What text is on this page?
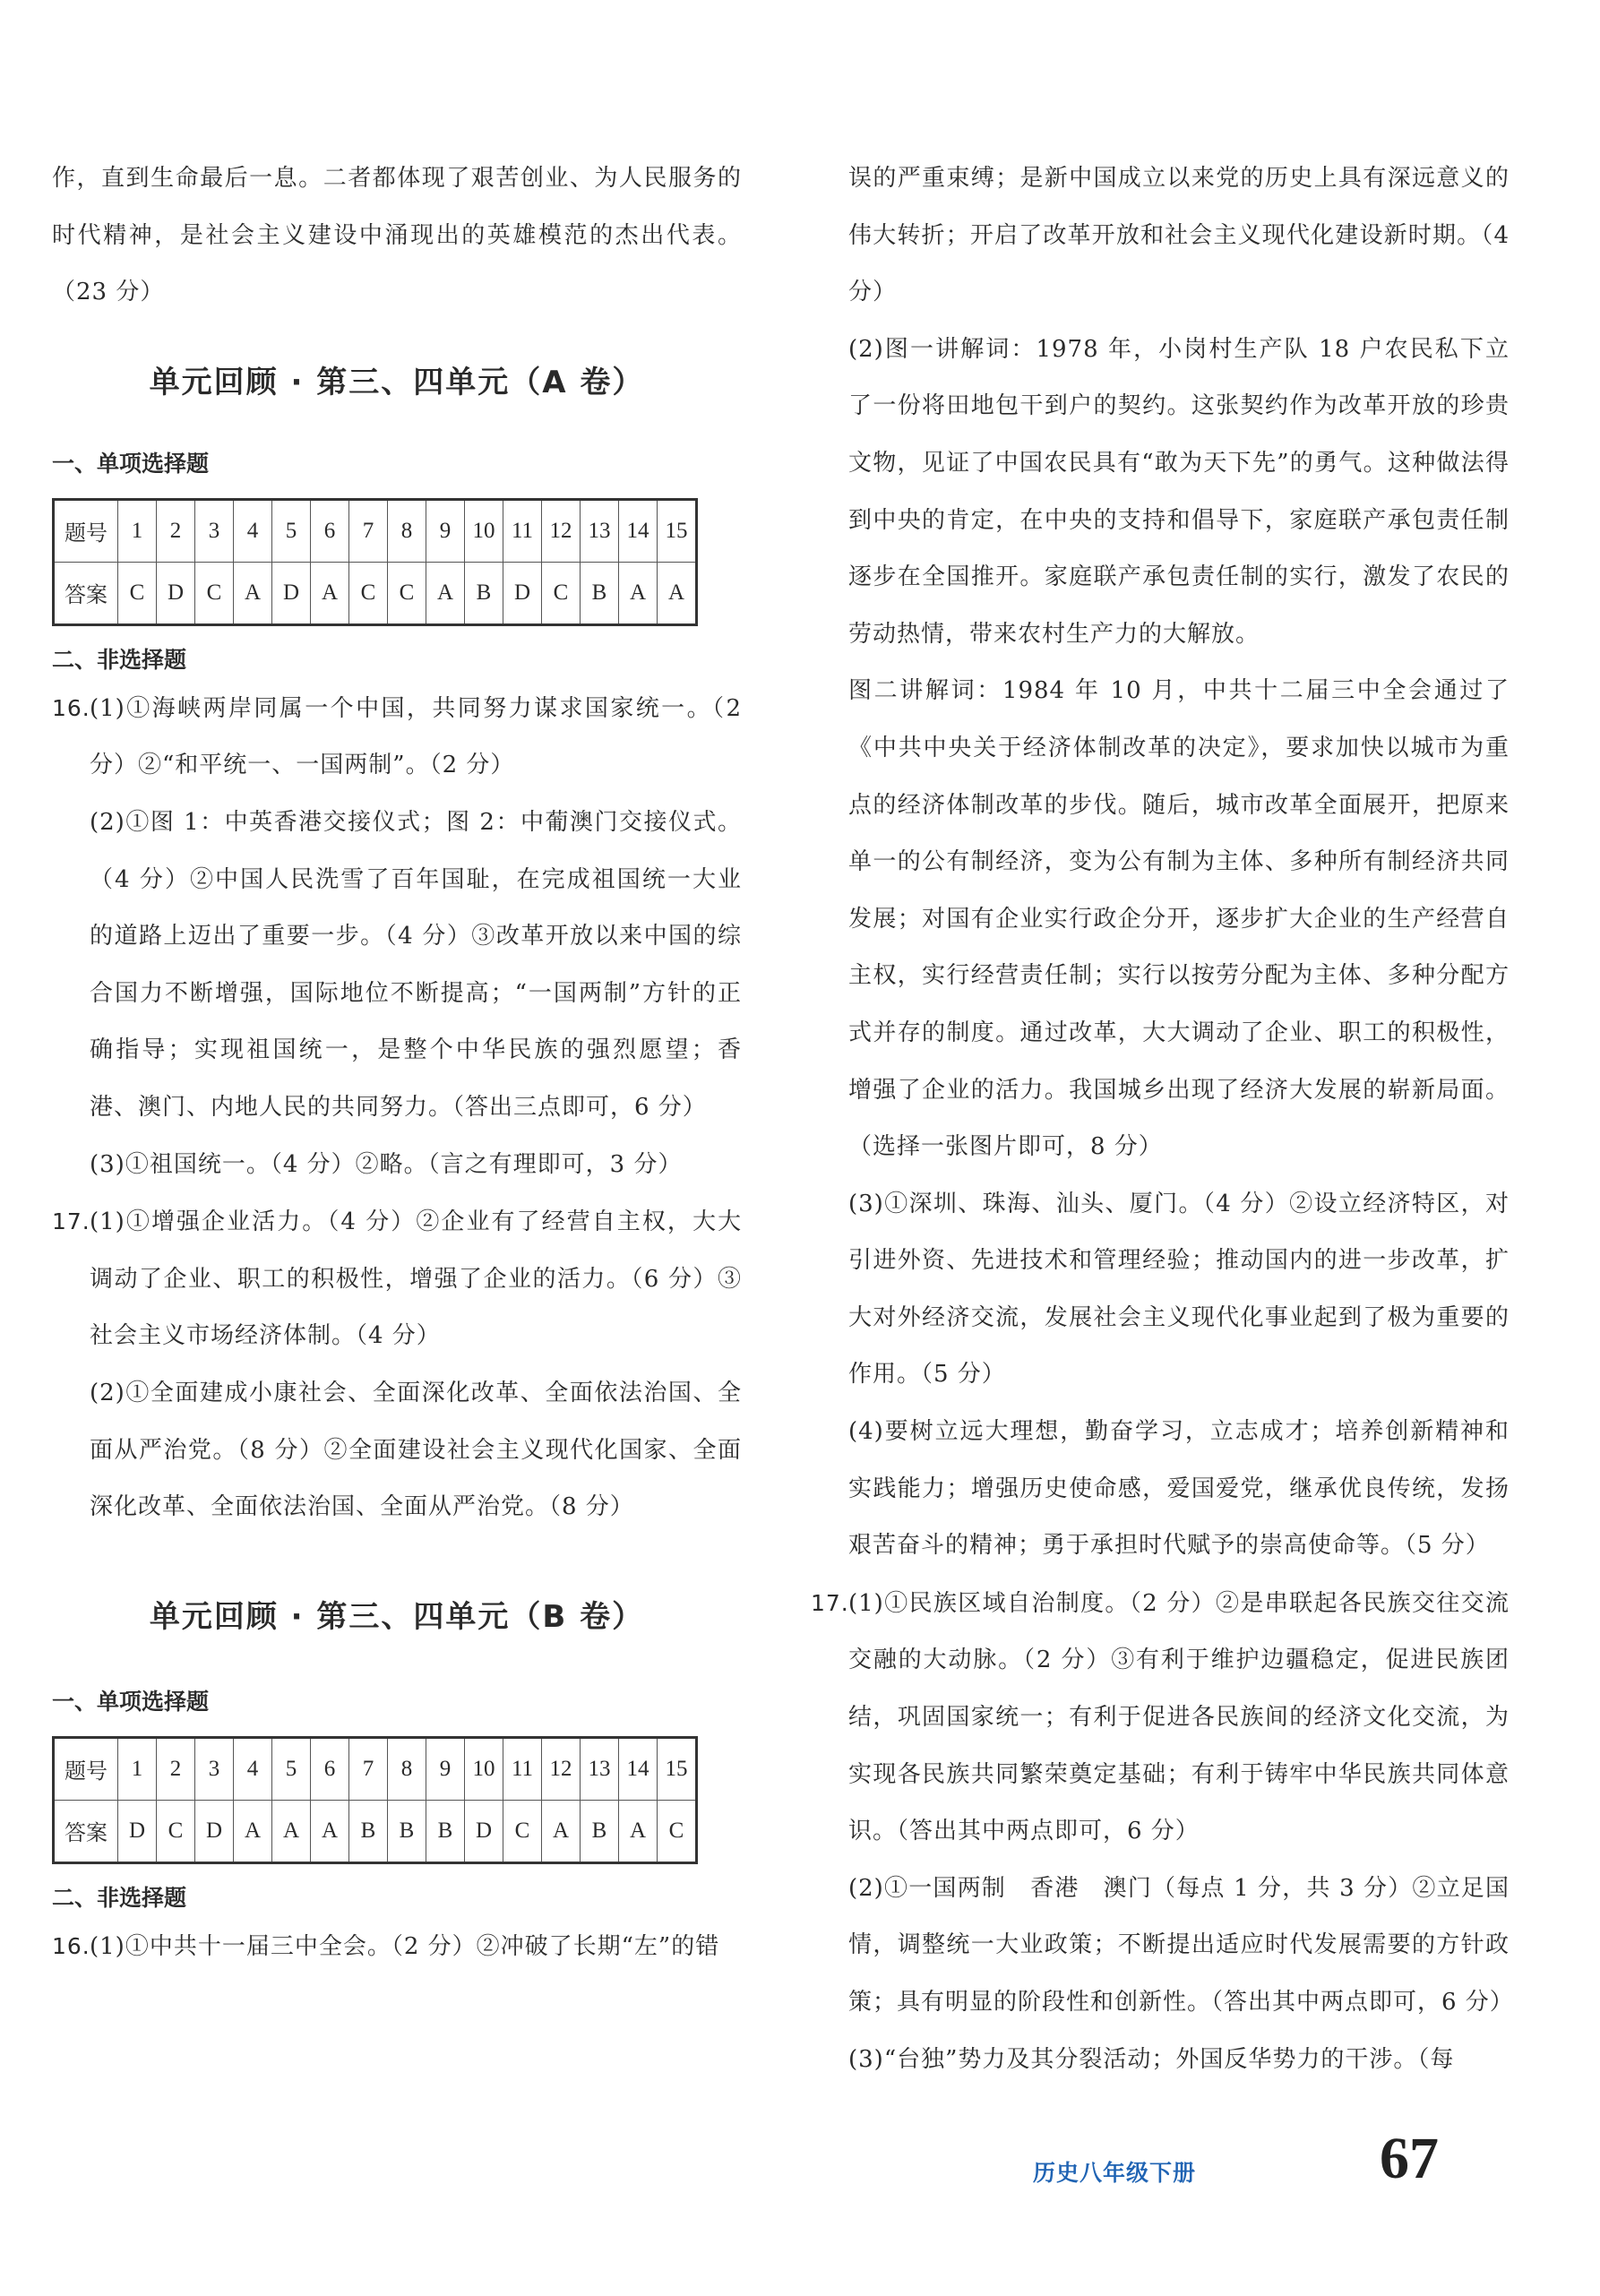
作，直到生命最后一息。二者都体现了艰苦创业、为人民服务的时代精神，是社会主义建设中涌现出的英雄模范的杰出代表。（23 分）

单元回顾 · 第三、四单元（A 卷）

一、单项选择题

题号	1	2	3	4	5	6	7	8	9	10	11	12	13	14	15
答案	C	D	C	A	D	A	C	C	A	B	D	C	B	A	A

二、非选择题

16.(1)①海峡两岸同属一个中国，共同努力谋求国家统一。（2 分）②“和平统一、一国两制”。（2 分）

(2)①图 1：中英香港交接仪式；图 2：中葡澳门交接仪式。（4 分）②中国人民洗雪了百年国耻，在完成祖国统一大业的道路上迈出了重要一步。（4 分）③改革开放以来中国的综合国力不断增强，国际地位不断提高；“一国两制”方针的正确指导；实现祖国统一，是整个中华民族的强烈愿望；香港、澳门、内地人民的共同努力。（答出三点即可，6 分）

(3)①祖国统一。（4 分）②略。（言之有理即可，3 分）

17.(1)①增强企业活力。（4 分）②企业有了经营自主权，大大调动了企业、职工的积极性，增强了企业的活力。（6 分）③社会主义市场经济体制。（4 分）

(2)①全面建成小康社会、全面深化改革、全面依法治国、全面从严治党。（8 分）②全面建设社会主义现代化国家、全面深化改革、全面依法治国、全面从严治党。（8 分）

单元回顾 · 第三、四单元（B 卷）

一、单项选择题

题号	1	2	3	4	5	6	7	8	9	10	11	12	13	14	15
答案	D	C	D	A	A	A	B	B	B	D	C	A	B	A	C

二、非选择题

16.(1)①中共十一届三中全会。（2 分）②冲破了长期“左”的错

误的严重束缚；是新中国成立以来党的历史上具有深远意义的伟大转折；开启了改革开放和社会主义现代化建设新时期。（4 分）

(2)图一讲解词：1978 年，小岗村生产队 18 户农民私下立了一份将田地包干到户的契约。这张契约作为改革开放的珍贵文物，见证了中国农民具有“敢为天下先”的勇气。这种做法得到中央的肯定，在中央的支持和倡导下，家庭联产承包责任制逐步在全国推开。家庭联产承包责任制的实行，激发了农民的劳动热情，带来农村生产力的大解放。

图二讲解词：1984 年 10 月，中共十二届三中全会通过了《中共中央关于经济体制改革的决定》，要求加快以城市为重点的经济体制改革的步伐。随后，城市改革全面展开，把原来单一的公有制经济，变为公有制为主体、多种所有制经济共同发展；对国有企业实行政企分开，逐步扩大企业的生产经营自主权，实行经营责任制；实行以按劳分配为主体、多种分配方式并存的制度。通过改革，大大调动了企业、职工的积极性，增强了企业的活力。我国城乡出现了经济大发展的崭新局面。（选择一张图片即可，8 分）

(3)①深圳、珠海、汕头、厦门。（4 分）②设立经济特区，对引进外资、先进技术和管理经验；推动国内的进一步改革，扩大对外经济交流，发展社会主义现代化事业起到了极为重要的作用。（5 分）

(4)要树立远大理想，勤奋学习，立志成才；培养创新精神和实践能力；增强历史使命感，爱国爱党，继承优良传统，发扬艰苦奋斗的精神；勇于承担时代赋予的崇高使命等。（5 分）

17.(1)①民族区域自治制度。（2 分）②是串联起各民族交往交流交融的大动脉。（2 分）③有利于维护边疆稳定，促进民族团结，巩固国家统一；有利于促进各民族间的经济文化交流，为实现各民族共同繁荣奠定基础；有利于铸牢中华民族共同体意识。（答出其中两点即可，6 分）

(2)①一国两制　香港　澳门（每点 1 分，共 3 分）②立足国情，调整统一大业政策；不断提出适应时代发展需要的方针政策；具有明显的阶段性和创新性。（答出其中两点即可，6 分）

(3)“台独”势力及其分裂活动；外国反华势力的干涉。（每

历史八年级下册	67
